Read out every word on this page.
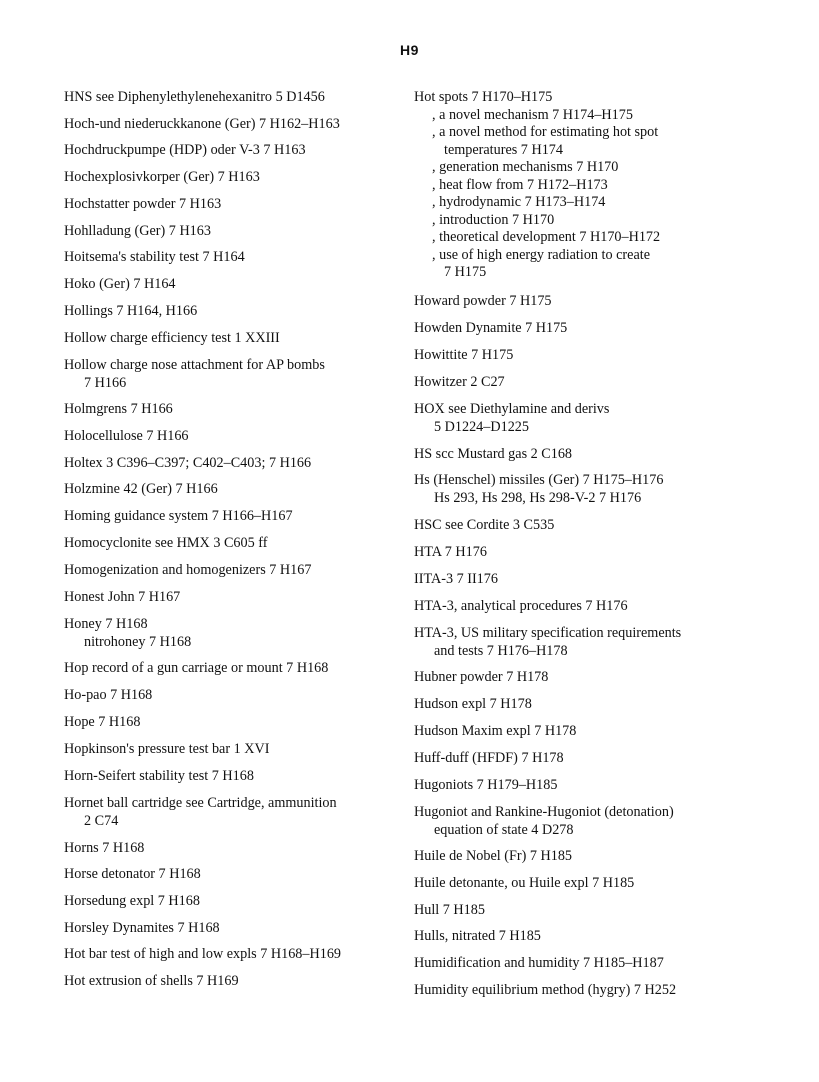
H9
HNS see Diphenylethylenehexanitro 5 D1456
Hoch-und niederuckkanone (Ger) 7 H162–H163
Hochdruckpumpe (HDP) oder V-3 7 H163
Hochexplosivkorper (Ger) 7 H163
Hochstatter powder 7 H163
Hohlladung (Ger) 7 H163
Hoitsema's stability test 7 H164
Hoko (Ger) 7 H164
Hollings 7 H164, H166
Hollow charge efficiency test 1 XXIII
Hollow charge nose attachment for AP bombs
7 H166
Holmgrens 7 H166
Holocellulose 7 H166
Holtex 3 C396–C397; C402–C403; 7 H166
Holzmine 42 (Ger) 7 H166
Homing guidance system 7 H166–H167
Homocyclonite see HMX 3 C605 ff
Homogenization and homogenizers 7 H167
Honest John 7 H167
Honey 7 H168
nitrohoney 7 H168
Hop record of a gun carriage or mount 7 H168
Ho-pao 7 H168
Hope 7 H168
Hopkinson's pressure test bar 1 XVI
Horn-Seifert stability test 7 H168
Hornet ball cartridge see Cartridge, ammunition
2 C74
Horns 7 H168
Horse detonator 7 H168
Horsedung expl 7 H168
Horsley Dynamites 7 H168
Hot bar test of high and low expls 7 H168–H169
Hot extrusion of shells 7 H169
Hot spots 7 H170–H175
, a novel mechanism 7 H174–H175
, a novel method for estimating hot spot
temperatures 7 H174
, generation mechanisms 7 H170
, heat flow from 7 H172–H173
, hydrodynamic 7 H173–H174
, introduction 7 H170
, theoretical development 7 H170–H172
, use of high energy radiation to create
7 H175
Howard powder 7 H175
Howden Dynamite 7 H175
Howittite 7 H175
Howitzer 2 C27
HOX see Diethylamine and derivs
5 D1224–D1225
HS scc Mustard gas 2 C168
Hs (Henschel) missiles (Ger) 7 H175–H176
Hs 293, Hs 298, Hs 298-V-2 7 H176
HSC see Cordite 3 C535
HTA 7 H176
IITA-3 7 II176
HTA-3, analytical procedures 7 H176
HTA-3, US military specification requirements
and tests 7 H176–H178
Hubner powder 7 H178
Hudson expl 7 H178
Hudson Maxim expl 7 H178
Huff-duff (HFDF) 7 H178
Hugoniots 7 H179–H185
Hugoniot and Rankine-Hugoniot (detonation)
equation of state 4 D278
Huile de Nobel (Fr) 7 H185
Huile detonante, ou Huile expl 7 H185
Hull 7 H185
Hulls, nitrated 7 H185
Humidification and humidity 7 H185–H187
Humidity equilibrium method (hygry) 7 H252
